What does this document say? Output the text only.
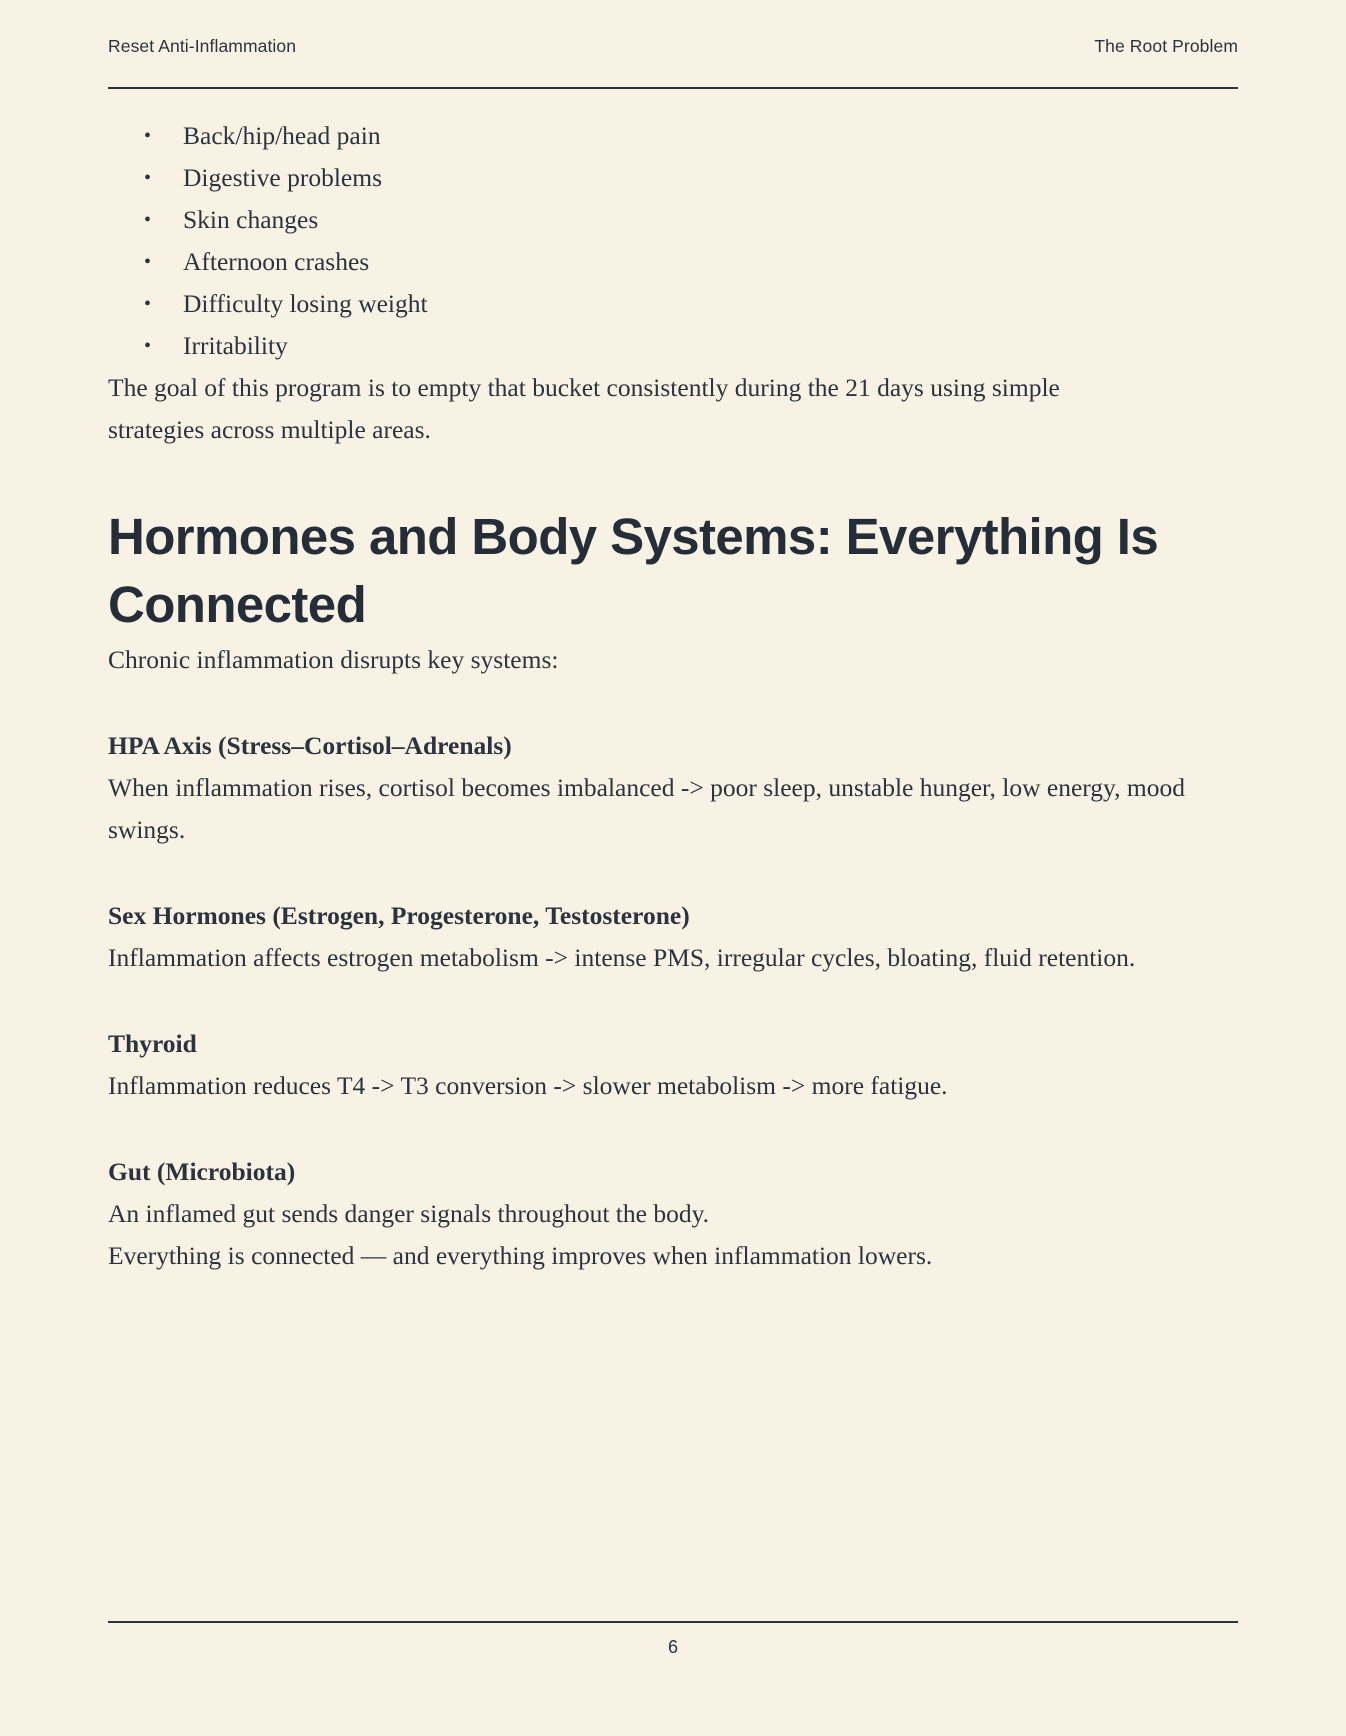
Reset Anti-Inflammation	The Root Problem
• Back/hip/head pain
• Digestive problems
• Skin changes
• Afternoon crashes
• Difficulty losing weight
• Irritability

The goal of this program is to empty that bucket consistently during the 21 days using simple strategies across multiple areas.

Hormones and Body Systems: Everything Is Connected

Chronic inflammation disrupts key systems:

HPA Axis (Stress–Cortisol–Adrenals)

When inflammation rises, cortisol becomes imbalanced -> poor sleep, unstable hunger, low energy, mood swings.

Sex Hormones (Estrogen, Progesterone, Testosterone)

Inflammation affects estrogen metabolism -> intense PMS, irregular cycles, bloating, fluid retention.

Thyroid

Inflammation reduces T4 -> T3 conversion -> slower metabolism -> more fatigue.

Gut (Microbiota)

An inflamed gut sends danger signals throughout the body.

Everything is connected — and everything improves when inflammation lowers.

6
